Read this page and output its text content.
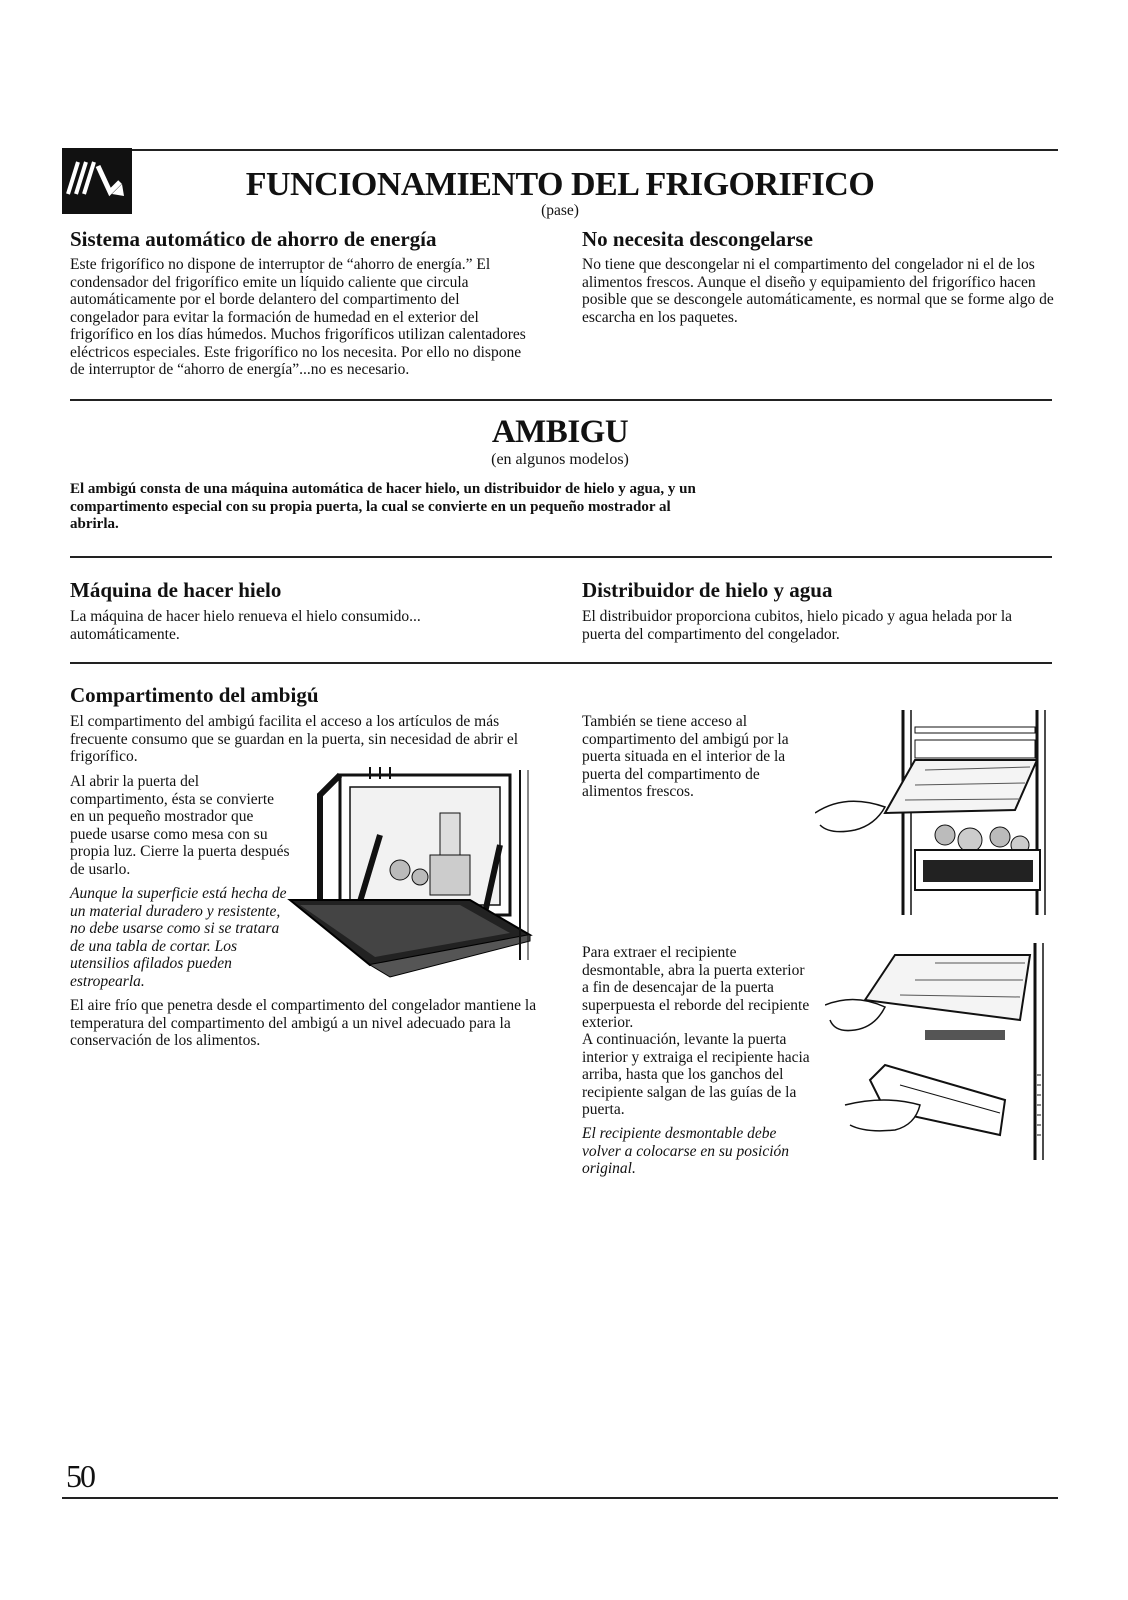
FUNCIONAMIENTO DEL FRIGORIFICO
(pase)
Sistema automático de ahorro de energía

Este frigorífico no dispone de interruptor de “ahorro de energía.” El condensador del frigorífico emite un líquido caliente que circula automáticamente por el borde delantero del compartimento del congelador para evitar la formación de humedad en el exterior del frigorífico en los días húmedos. Muchos frigoríficos utilizan calentadores eléctricos especiales. Este frigorífico no los necesita. Por ello no dispone de interruptor de “ahorro de energía”...no es necesario.

No necesita descongelarse

No tiene que descongelar ni el compartimento del congelador ni el de los alimentos frescos. Aunque el diseño y equipamiento del frigorífico hacen posible que se descongele automáticamente, es normal que se forme algo de escarcha en los paquetes.

AMBIGU
(en algunos modelos)

El ambigú consta de una máquina automática de hacer hielo, un distribuidor de hielo y agua, y un compartimento especial con su propia puerta, la cual se convierte en un pequeño mostrador al abrirla.

Máquina de hacer hielo

La máquina de hacer hielo renueva el hielo consumido... automáticamente.

Distribuidor de hielo y agua

El distribuidor proporciona cubitos, hielo picado y agua helada por la puerta del compartimento del congelador.

Compartimento del ambigú

El compartimento del ambigú facilita el acceso a los artículos de más frecuente consumo que se guardan en la puerta, sin necesidad de abrir el frigorífico.

Al abrir la puerta del compartimento, ésta se convierte en un pequeño mostrador que puede usarse como mesa con su propia luz. Cierre la puerta después de usarlo.

Aunque la superficie está hecha de un material duradero y resistente, no debe usarse como si se tratara de una tabla de cortar. Los utensilios afilados pueden estropearla.

El aire frío que penetra desde el compartimento del congelador mantiene la temperatura del compartimento del ambigú a un nivel adecuado para la conservación de los alimentos.

También se tiene acceso al compartimento del ambigú por la puerta situada en el interior de la puerta del compartimento de alimentos frescos.

Para extraer el recipiente desmontable, abra la puerta exterior a fin de desencajar de la puerta superpuesta el reborde del recipiente exterior.

A continuación, levante la puerta interior y extraiga el recipiente hacia arriba, hasta que los ganchos del recipiente salgan de las guías de la puerta.

El recipiente desmontable debe volver a colocarse en su posición original.

50
